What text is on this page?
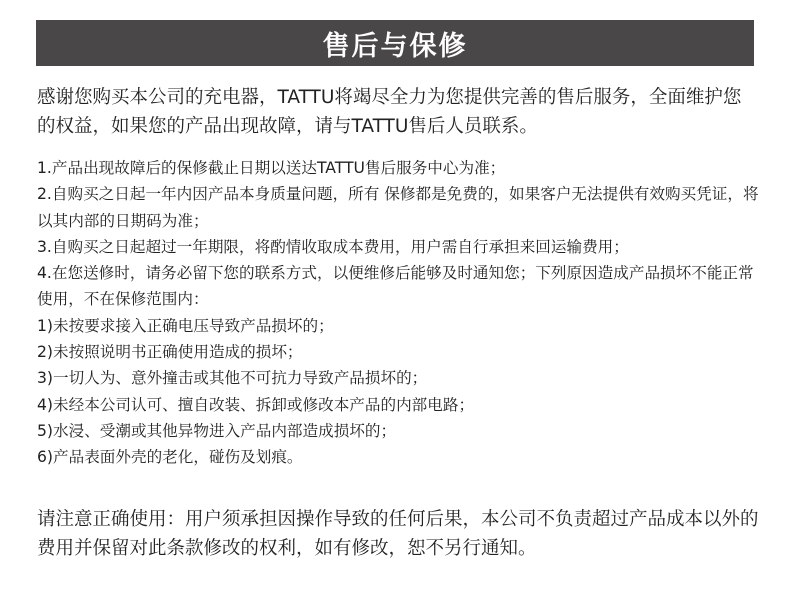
售后与保修

感谢您购买本公司的充电器，TATTU将竭尽全力为您提供完善的售后服务，全面维护您的权益，如果您的产品出现故障，请与TATTU售后人员联系。

1.产品出现故障后的保修截止日期以送达TATTU售后服务中心为准；
2.自购买之日起一年内因产品本身质量问题，所有 保修都是免费的，如果客户无法提供有效购买凭证，将以其内部的日期码为准；
3.自购买之日起超过一年期限，将酌情收取成本费用，用户需自行承担来回运输费用；
4.在您送修时，请务必留下您的联系方式，以便维修后能够及时通知您；下列原因造成产品损坏不能正常使用，不在保修范围内：
1)未按要求接入正确电压导致产品损坏的；
2)未按照说明书正确使用造成的损坏；
3)一切人为、意外撞击或其他不可抗力导致产品损坏的；
4)未经本公司认可、擅自改装、拆卸或修改本产品的内部电路；
5)水浸、受潮或其他异物进入产品内部造成损坏的；
6)产品表面外壳的老化，碰伤及划痕。

请注意正确使用：用户须承担因操作导致的任何后果，本公司不负责超过产品成本以外的费用并保留对此条款修改的权利，如有修改，恕不另行通知。
